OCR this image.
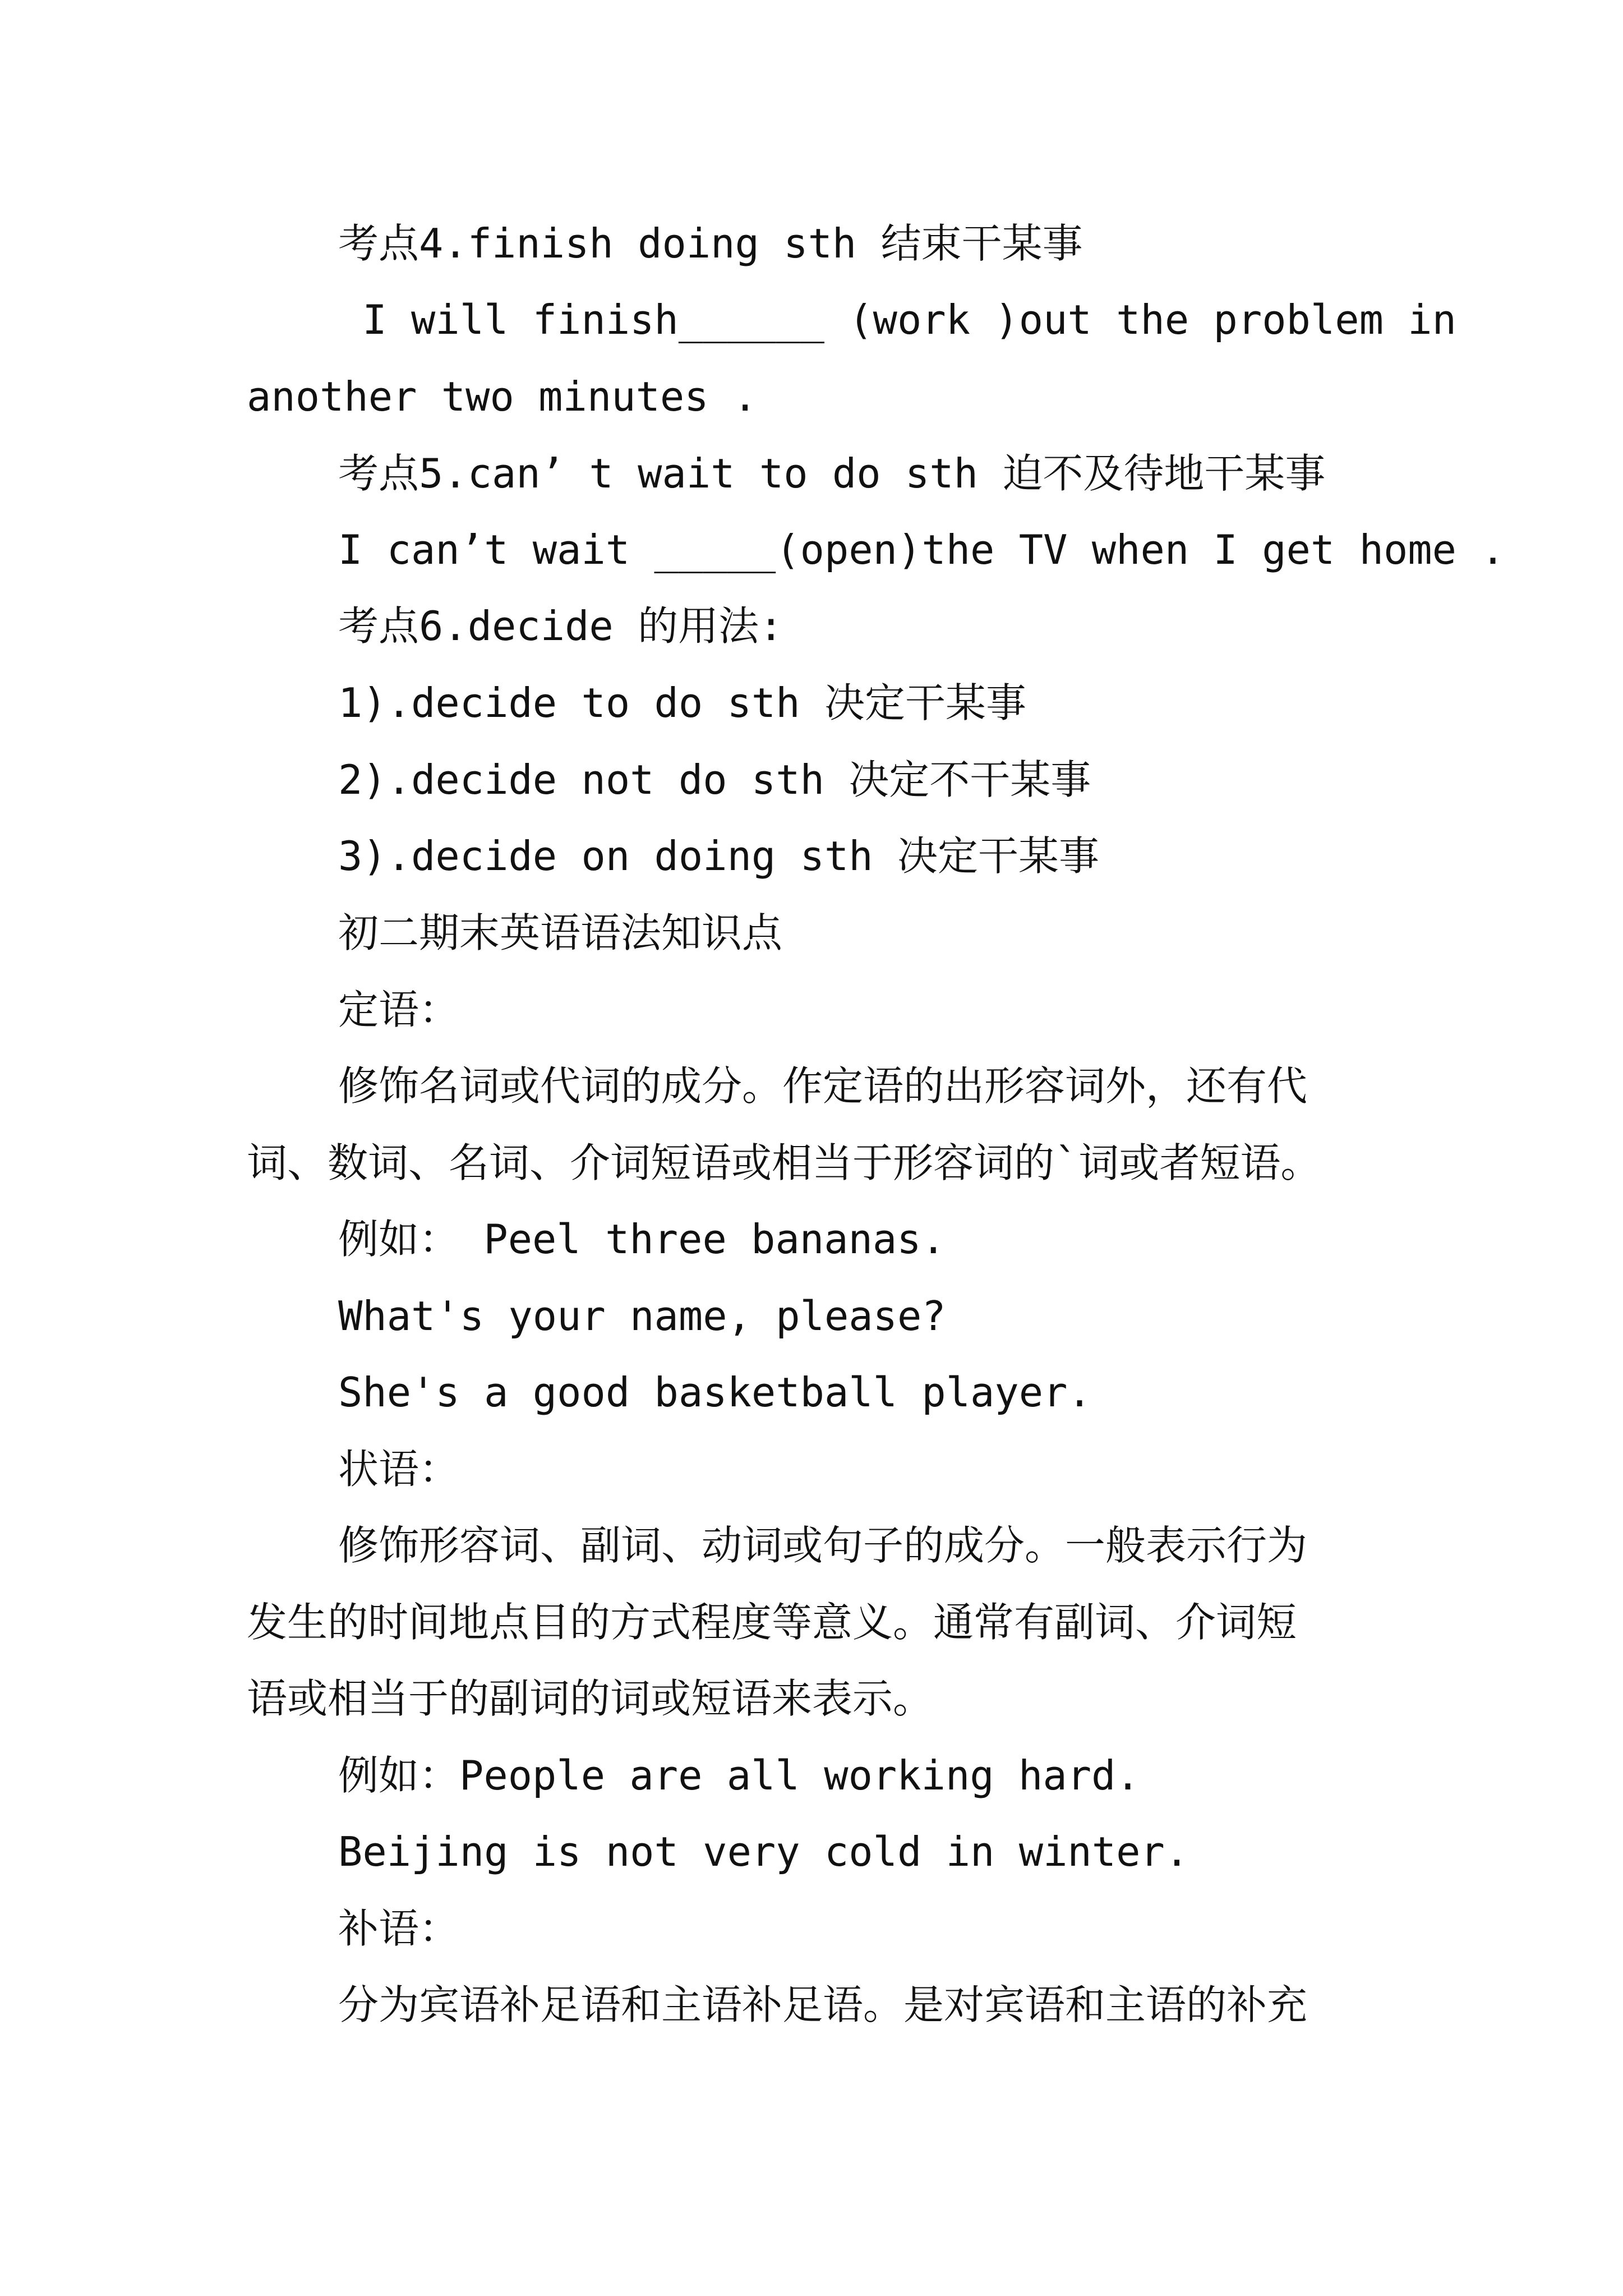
考点4.finish doing sth 结束干某事
I will finish______ (work )out the problem in
another two minutes .
考点5.can’ t wait to do sth 迫不及待地干某事
I can’t wait _____(open)the TV when I get home .
考点6.decide 的用法:
1).decide to do sth 决定干某事
2).decide not do sth 决定不干某事
3).decide on doing sth 决定干某事
初二期末英语语法知识点
定语：
修饰名词或代词的成分。作定语的出形容词外，还有代
词、数词、名词、介词短语或相当于形容词的`词或者短语。
例如： Peel three bananas.
What's your name, please?
She's a good basketball player.
状语：
修饰形容词、副词、动词或句子的成分。一般表示行为
发生的时间地点目的方式程度等意义。通常有副词、介词短
语或相当于的副词的词或短语来表示。
例如：People are all working hard.
Beijing is not very cold in winter.
补语：
分为宾语补足语和主语补足语。是对宾语和主语的补充
